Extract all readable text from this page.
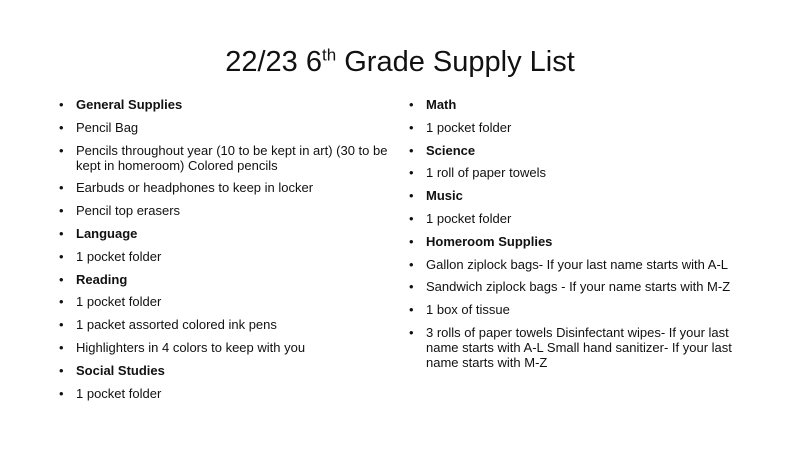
22/23 6th Grade Supply List
• General Supplies
• Pencil Bag
• Pencils throughout year (10 to be kept in art) (30 to be kept in homeroom) Colored pencils
• Earbuds or headphones to keep in locker
• Pencil top erasers
• Language
• 1 pocket folder
• Reading
• 1 pocket folder
• 1 packet assorted colored ink pens
• Highlighters in 4 colors to keep with you
• Social Studies
• 1 pocket folder
• Math
• 1 pocket folder
• Science
• 1 roll of paper towels
• Music
• 1 pocket folder
• Homeroom Supplies
• Gallon ziplock bags- If your last name starts with A-L
• Sandwich ziplock bags - If your name starts with M-Z
• 1 box of tissue
• 3 rolls of paper towels Disinfectant wipes- If your last name starts with A-L Small hand sanitizer- If your last name starts with M-Z
